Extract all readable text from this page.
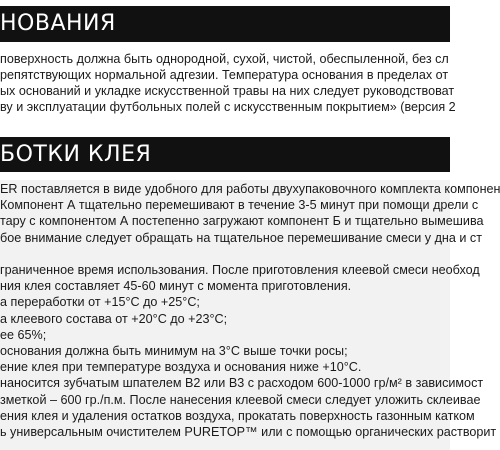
НОВАНИЯ
поверхность должна быть однородной, сухой, чистой, обеспыленной, без сл
репятствующих нормальной адгезии. Температура основания в пределах от
ых оснований и укладке искусственной травы на них следует руководствоват
ву и эксплуатации футбольных полей с искусственным покрытием» (версия 2
БОТКИ КЛЕЯ
ER поставляется в виде удобного для работы двухупаковочного комплекта компонен
Компонент А тщательно перемешивают в течение 3-5 минут при помощи дрели с
тару с компонентом А постепенно загружают компонент Б и тщательно вымешива
бое внимание следует обращать на тщательное перемешивание смеси у дна и ст

граниченное время использования. После приготовления клеевой смеси необход
ния клея составляет 45-60 минут с момента приготовления.
а переработки от +15°С до +25°С;
а клеевого состава от +20°С до +23°С;
ее 65%;
основания должна быть минимум на 3°С выше точки росы;
ение клея при температуре воздуха и основания ниже +10°С.
наносится зубчатым шпателем В2 или В3 с расходом 600-1000 гр/м² в зависимост
зметкой – 600 гр./п.м. После нанесения клеевой смеси следует уложить склеивае
ения клея и удаления остатков воздуха, прокатать поверхность газонным катком
ь универсальным очистителем PURETOP™ или с помощью органических растворит
